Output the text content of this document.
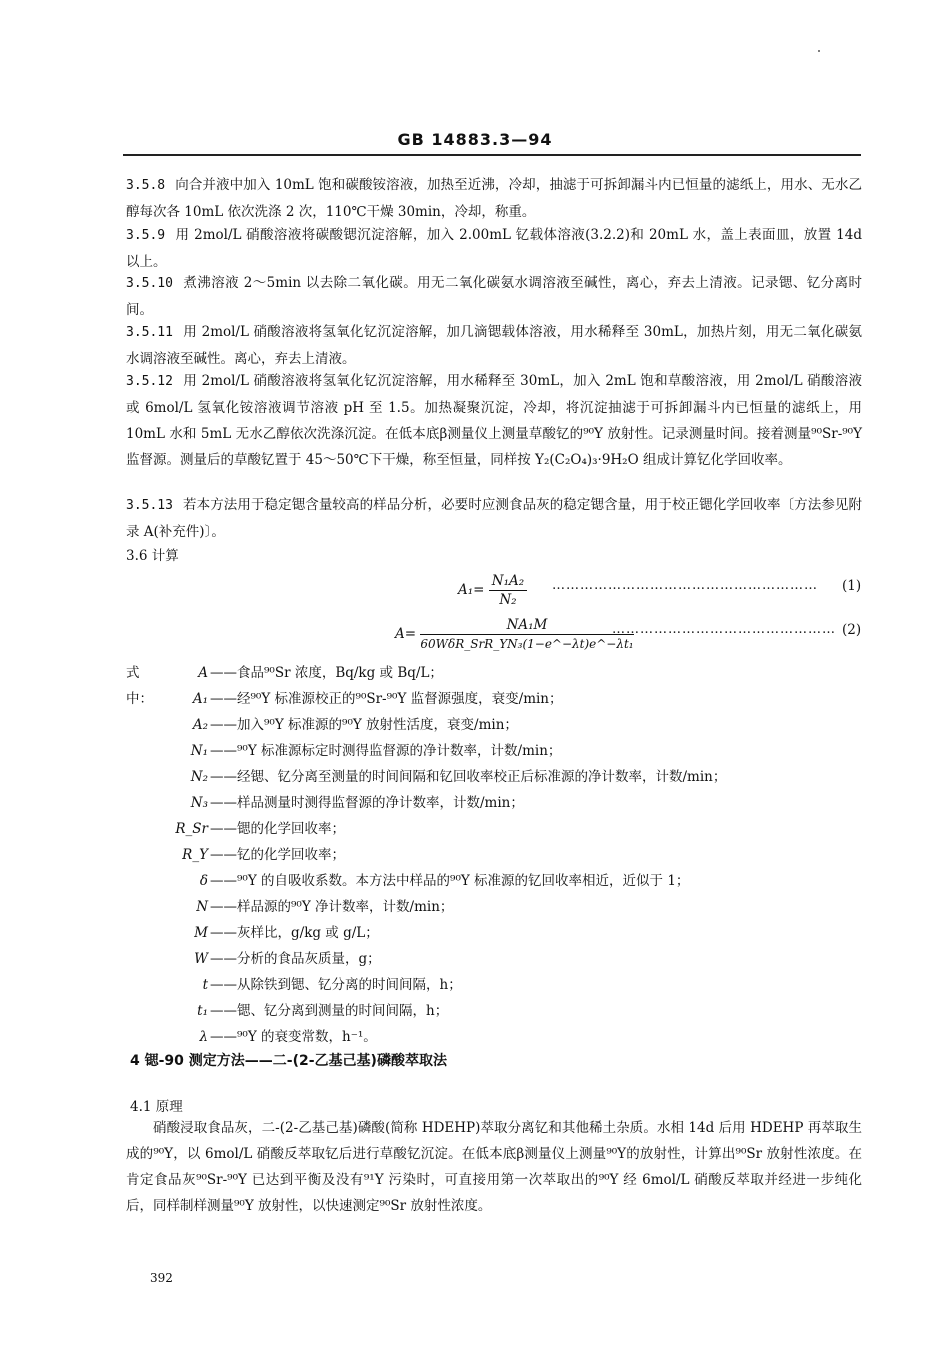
GB 14883.3—94

3.5.8 向合并液中加入 10mL 饱和碳酸铵溶液，加热至近沸，冷却，抽滤于可拆卸漏斗内已恒量的滤纸上，用水、无水乙醇每次各 10mL 依次洗涤 2 次，110℃干燥 30min，冷却，称重。

3.5.9 用 2mol/L 硝酸溶液将碳酸锶沉淀溶解，加入 2.00mL 钇载体溶液(3.2.2)和 20mL 水，盖上表面皿，放置 14d 以上。

3.5.10 煮沸溶液 2～5min 以去除二氧化碳。用无二氧化碳氨水调溶液至碱性，离心，弃去上清液。记录锶、钇分离时间。

3.5.11 用 2mol/L 硝酸溶液将氢氧化钇沉淀溶解，加几滴锶载体溶液，用水稀释至 30mL，加热片刻，用无二氧化碳氨水调溶液至碱性。离心，弃去上清液。

3.5.12 用 2mol/L 硝酸溶液将氢氧化钇沉淀溶解，用水稀释至 30mL，加入 2mL 饱和草酸溶液，用 2mol/L 硝酸溶液或 6mol/L 氢氧化铵溶液调节溶液 pH 至 1.5。加热凝聚沉淀，冷却，将沉淀抽滤于可拆卸漏斗内已恒量的滤纸上，用10mL 水和 5mL 无水乙醇依次洗涤沉淀。在低本底β测量仪上测量草酸钇的⁹⁰Y 放射性。记录测量时间。接着测量⁹⁰Sr-⁹⁰Y 监督源。测量后的草酸钇置于 45～50℃下干燥，称至恒量，同样按 Y₂(C₂O₄)₃·9H₂O 组成计算钇化学回收率。

3.5.13 若本方法用于稳定锶含量较高的样品分析，必要时应测食品灰的稳定锶含量，用于校正锶化学回收率〔方法参见附录 A(补充件)〕。

3.6 计算
$A_1= \frac{\text{N₁A₂}}{\text{N₂}}$ ………………………………………………… (1)
$A= \frac{\text{NA₁M}}{\text{60WδR\_SrR\_YN₃(1−e\textasciicircum{}−λt)e\textasciicircum{}−λt₁}}$
………………………………………… (2)
式中：
A ——食品⁹⁰Sr 浓度，Bq/kg 或 Bq/L；
A₁ ——经⁹⁰Y 标准源校正的⁹⁰Sr-⁹⁰Y 监督源强度，衰变/min；
A₂ ——加入⁹⁰Y 标准源的⁹⁰Y 放射性活度，衰变/min；
N₁ ——⁹⁰Y 标准源标定时测得监督源的净计数率，计数/min；
N₂ ——经锶、钇分离至测量的时间间隔和钇回收率校正后标准源的净计数率，计数/min；
N₃ ——样品测量时测得监督源的净计数率，计数/min；
R_Sr ——锶的化学回收率；
R_Y ——钇的化学回收率；
δ ——⁹⁰Y 的自吸收系数。本方法中样品的⁹⁰Y 标准源的钇回收率相近，近似于 1；
N ——样品源的⁹⁰Y 净计数率，计数/min；
M ——灰样比，g/kg 或 g/L；
W ——分析的食品灰质量，g；
t ——从除铁到锶、钇分离的时间间隔，h；
t₁ ——锶、钇分离到测量的时间间隔，h；
λ ——⁹⁰Y 的衰变常数，h⁻¹。
4 锶-90 测定方法——二-(2-乙基己基)磷酸萃取法
4.1 原理

硝酸浸取食品灰，二-(2-乙基己基)磷酸(简称 HDEHP)萃取分离钇和其他稀土杂质。水相 14d 后用 HDEHP 再萃取生成的⁹⁰Y，以 6mol/L 硝酸反萃取钇后进行草酸钇沉淀。在低本底β测量仪上测量⁹⁰Y的放射性，计算出⁹⁰Sr 放射性浓度。在肯定食品灰⁹⁰Sr-⁹⁰Y 已达到平衡及没有⁹¹Y 污染时，可直接用第一次萃取出的⁹⁰Y 经 6mol/L 硝酸反萃取并经进一步纯化后，同样制样测量⁹⁰Y 放射性，以快速测定⁹⁰Sr 放射性浓度。

392
